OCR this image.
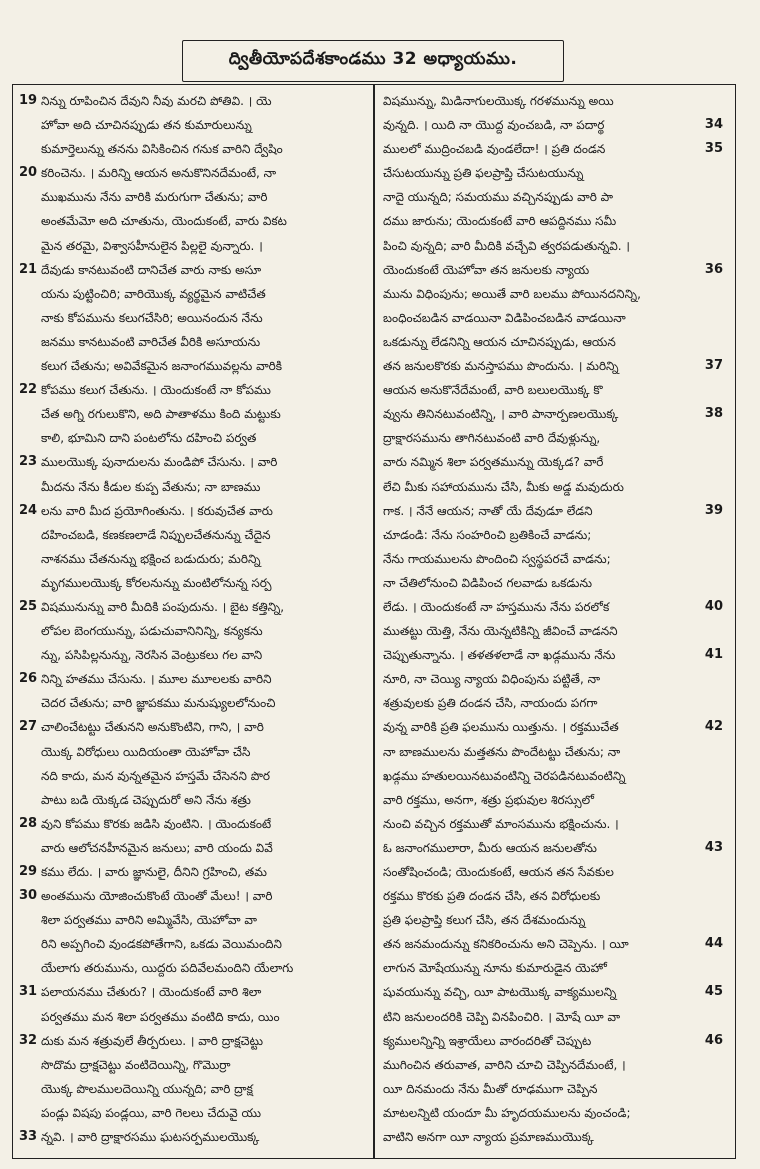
ద్వితీయోపదేశకాండము 32 అధ్యాయము.
19 నిన్ను రూపించిన దేవుని నీవు మరచి పోతివి. । యె
హోవా అది చూచినప్పుడు తన కుమారులున్ను
కుమార్తెలున్ను తనను విసికించిన గనుక వారిని ద్వేషిం
20 కరించెను. । మరిన్ని ఆయన అనుకొనినదేమంటే, నా
ముఖమును నేను వారికి మరుగుగా చేతును; వారి
అంతమేమో అది చూతును, యెందుకంటే, వారు వికట
మైన తరమై, విశ్వాసహీనులైన పిల్లలై వున్నారు. ।
21 దేవుడు కానటువంటి దానిచేత వారు నాకు అసూ
యను పుట్టించిరి; వారియొక్క వ్యర్థమైన వాటిచేత
నాకు కోపమును కలుగచేసిరి; అయినందున నేను
జనము కానటువంటి వారిచేత వీరికి అసూయను
కలుగ చేతును; అవివేకమైన జనాంగమువల్లను వారికి
22 కోపము కలుగ చేతును. । యెందుకంటే నా కోపము
చేత అగ్ని రగులుకొని, అది పాతాళము కింది మట్టుకు
కాలి, భూమిని దాని పంటలోను దహించి పర్వత
23 ములయొక్క పునాదులను మండిపో చేసును. । వారి
మీదను నేను కీడుల కుప్ప వేతును; నా బాణము
24 లను వారి మీద ప్రయోగింతును. । కరువుచేత వారు
దహించబడి, కణకణలాడే నిప్పులచేతనున్ను చేదైన
నాశనము చేతనున్ను భక్షించ బడుదురు; మరిన్ని
మృగములయొక్క కోరలనున్ను మంటిలోనున్న సర్ప
25 విషమునున్ను వారి మీదికి పంపుదును. । బైట కత్తిన్ని,
లోపల బెంగయున్ను, పడుచువానినిన్ని, కన్యకను
న్ను, పసిపిల్లనున్ను, నెరసిన వెంట్రుకలు గల వాని
26 నిన్ని హతము చేసును. । మూల మూలలకు వారిని
చెదర చేతును; వారి జ్ఞాపకము మనుష్యులలోనుంచి
27 చాలించేటట్టు చేతునని అనుకొంటిని, గాని, । వారి
యొక్క విరోధులు యిదియంతా యెహోవా చేసి
నది కాదు, మన వున్నతమైన హస్తమే చేసెనని పొర
పాటు బడి యెక్కడ చెప్పుదురో అని నేను శత్రు
28 వుని కోపము కొరకు జడిసి వుంటిని. । యెందుకంటే
వారు ఆలోచనహీనమైన జనులు; వారి యందు వివే
29 కము లేదు. । వారు జ్ఞానులై, దీనిని గ్రహించి, తమ
30 అంతమును యోజించుకొంటే యెంతో మేలు! । వారి
శిలా పర్వతము వారిని అమ్మివేసి, యెహోవా వా
రిని అప్పగించి వుండకపోతేగాని, ఒకడు వెయిమందిని
యేలాగు తరుమును, యిద్దరు పదివేలమందిని యేలాగు
31 పలాయనము చేతురు? । యెందుకంటే వారి శిలా
పర్వతము మన శిలా పర్వతము వంటిది కాదు, యిం
32 దుకు మన శత్రువులే తీర్పరులు. । వారి ద్రాక్షచెట్టు
సొదొమ ద్రాక్షచెట్టు వంటిదెయిన్ని, గొమొర్రా
యొక్క పొలములదెయిన్ని యున్నది; వారి ద్రాక్ష
పండ్లు విషపు పండ్లయి, వారి గెలలు చేదువై యు
33 న్నవి. । వారి ద్రాక్షారసము ఘటసర్పములయొక్క
విషమున్ను, మిడినాగులయొక్క గరళమున్ను అయి
34
వున్నది. । యిది నా యొద్ద వుంచబడి, నా పదార్థ
35
ములలో ముద్రించబడి వుండలేదా! । ప్రతి దండన
చేసుటయున్ను ప్రతి ఫలప్రాప్తి చేసుటయున్ను
నాదై యున్నది; సమయము వచ్చినప్పుడు వారి పా
దము జారును; యెందుకంటే వారి ఆపద్దినము సమీ
పించి వున్నది; వారి మీదికి వచ్చేవి త్వరపడుతున్నవి. ।
36
యెందుకంటే యెహోవా తన జనులకు న్యాయ
మును విధింపును; అయితే వారి బలము పోయినదనిన్ని,
బంధించబడిన వాడయినా విడిపించబడిన వాడయినా
ఒకడున్ను లేడనిన్ని ఆయన చూచినప్పుడు, ఆయన
37
తన జనులకొరకు మనస్తాపము పొందును. । మరిన్ని
ఆయన అనుకొనేదేమంటే, వారి బలులయొక్క కొ
38
వ్వును తినినటువంటిన్ని, । వారి పానార్పణలయొక్క
ద్రాక్షారసమును తాగినటువంటి వారి దేవుళ్లున్ను,
వారు నమ్మిన శిలా పర్వతమున్ను యెక్కడ? వారే
లేచి మీకు సహాయమును చేసి, మీకు అడ్డ మవుదురు
39
గాక. । నేనే ఆయన; నాతో యే దేవుడూ లేడని
చూడండి: నేను సంహరించి బ్రతికించే వాడను;
నేను గాయములను పొందించి స్వస్థపరచే వాడను;
నా చేతిలోనుంచి విడిపించ గలవాడు ఒకడును
40
లేడు. । యెందుకంటే నా హస్తమును నేను పరలోక
ముతట్టు యెత్తి, నేను యెన్నటికిన్ని జీవించే వాడనని
41
చెప్పుతున్నాను. । తళతళలాడే నా ఖడ్గమును నేను
నూరి, నా చెయ్యి న్యాయ విధింపును పట్టితే, నా
శత్రువులకు ప్రతి దండన చేసి, నాయందు పగగా
42
వున్న వారికి ప్రతి ఫలమును యిత్తును. । రక్తముచేత
నా బాణములను మత్తతను పొందేటట్టు చేతును; నా
ఖడ్గము హతులయినటువంటిన్ని చెరపడినటువంటిన్ని
వారి రక్తము, అనగా, శత్రు ప్రభువుల శిరస్సులో
నుంచి వచ్చిన రక్తముతో మాంసమును భక్షించును. ।
43
ఓ జనాంగములారా, మీరు ఆయన జనులతోను
సంతోషించండి; యెందుకంటే, ఆయన తన సేవకుల
రక్తము కొరకు ప్రతి దండన చేసి, తన విరోధులకు
ప్రతి ఫలప్రాప్తి కలుగ చేసి, తన దేశమందున్ను
44
తన జనమందున్ను కనికరించును అని చెప్పెను. । యీ
లాగున మోషేయున్ను నూను కుమారుడైన యెహో
45
షువయున్ను వచ్చి, యీ పాటయొక్క వాక్యములన్ని
టిని జనులందరికి చెప్పి వినపించిరి. । మోషే యీ వా
46
క్యములన్నిన్ని ఇశ్రాయేలు వారందరితో చెప్పుట
ముగించిన తరువాత, వారిని చూచి చెప్పినదేమంటే, ।
యీ దినమందు నేను మీతో రూఢముగా చెప్పిన
మాటలన్నిటి యందూ మీ హృదయములను వుంచండి;
వాటిని అనగా యీ న్యాయ ప్రమాణముయొక్క
